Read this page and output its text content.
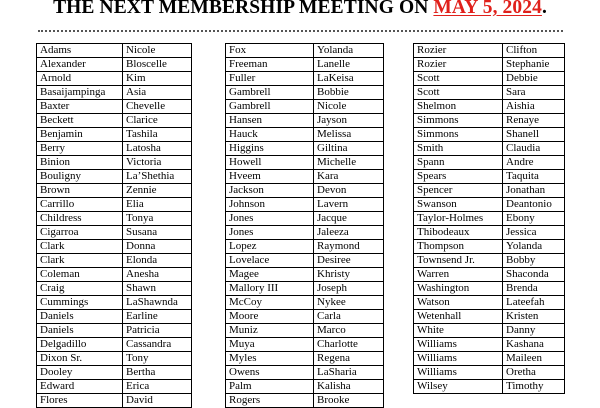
THE NEXT MEMBERSHIP MEETING ON MAY 5, 2024.
Adams	Nicole
Alexander	Bloscelle
Arnold	Kim
Basaijampinga	Asia
Baxter	Chevelle
Beckett	Clarice
Benjamin	Tashila
Berry	Latosha
Binion	Victoria
Bouligny	La’Shethia
Brown	Zennie
Carrillo	Elia
Childress	Tonya
Cigarroa	Susana
Clark	Donna
Clark	Elonda
Coleman	Anesha
Craig	Shawn
Cummings	LaShawnda
Daniels	Earline
Daniels	Patricia
Delgadillo	Cassandra
Dixon Sr.	Tony
Dooley	Bertha
Edward	Erica
Flores	David
Fox	Yolanda
Freeman	Lanelle
Fuller	LaKeisa
Gambrell	Bobbie
Gambrell	Nicole
Hansen	Jayson
Hauck	Melissa
Higgins	Giltina
Howell	Michelle
Hveem	Kara
Jackson	Devon
Johnson	Lavern
Jones	Jacque
Jones	Jaleeza
Lopez	Raymond
Lovelace	Desiree
Magee	Khristy
Mallory III	Joseph
McCoy	Nykee
Moore	Carla
Muniz	Marco
Muya	Charlotte
Myles	Regena
Owens	LaSharia
Palm	Kalisha
Rogers	Brooke
Rozier	Clifton
Rozier	Stephanie
Scott	Debbie
Scott	Sara
Shelmon	Aishia
Simmons	Renaye
Simmons	Shanell
Smith	Claudia
Spann	Andre
Spears	Taquita
Spencer	Jonathan
Swanson	Deantonio
Taylor-Holmes	Ebony
Thibodeaux	Jessica
Thompson	Yolanda
Townsend Jr.	Bobby
Warren	Shaconda
Washington	Brenda
Watson	Lateefah
Wetenhall	Kristen
White	Danny
Williams	Kashana
Williams	Maileen
Williams	Oretha
Wilsey	Timothy
